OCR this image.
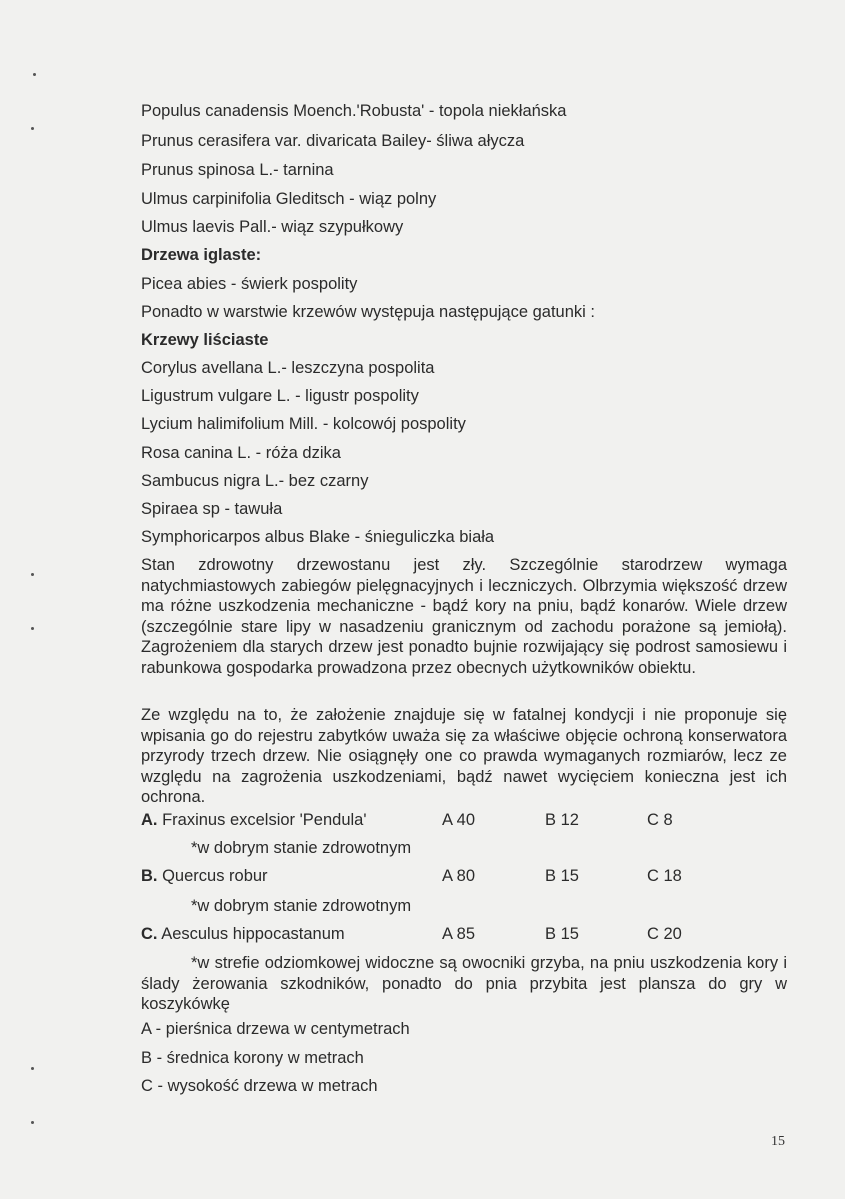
Populus canadensis Moench.'Robusta' - topola niekłańska
Prunus cerasifera var. divaricata Bailey- śliwa ałycza
Prunus spinosa L.- tarnina
Ulmus carpinifolia Gleditsch - wiąz polny
Ulmus laevis Pall.- wiąz szypułkowy
Drzewa iglaste:
Picea abies - świerk pospolity
Ponadto w warstwie krzewów występuja następujące gatunki :
Krzewy liściaste
Corylus avellana L.- leszczyna pospolita
Ligustrum vulgare L. - ligustr pospolity
Lycium halimifolium Mill. - kolcowój pospolity
Rosa canina L. - róża dzika
Sambucus nigra L.- bez czarny
Spiraea sp - tawuła
Symphoricarpos albus Blake - śnieguliczka biała
Stan zdrowotny drzewostanu jest zły. Szczególnie starodrzew wymaga natychmiastowych zabiegów pielęgnacyjnych i leczniczych. Olbrzymia większość drzew ma różne uszkodzenia mechaniczne - bądź kory na pniu, bądź konarów. Wiele drzew (szczególnie stare lipy w nasadzeniu granicznym od zachodu porażone są jemiołą). Zagrożeniem dla starych drzew jest ponadto bujnie rozwijający się podrost samosiewu i rabunkowa gospodarka prowadzona przez obecnych użytkowników obiektu.
Ze względu na to, że założenie znajduje się w fatalnej kondycji i nie proponuje się wpisania go do rejestru zabytków uważa się za właściwe objęcie ochroną konserwatora przyrody trzech drzew. Nie osiągnęły one co prawda wymaganych rozmiarów, lecz ze względu na zagrożenia uszkodzeniami, bądź nawet wycięciem konieczna jest ich ochrona.
A. Fraxinus excelsior 'Pendula'	A 40	B 12	C 8
*w dobrym stanie zdrowotnym
B. Quercus robur	A 80	B 15	C 18
*w dobrym stanie zdrowotnym
C. Aesculus hippocastanum	A 85	B 15	C 20
*w strefie odziomkowej widoczne są owocniki grzyba, na pniu uszkodzenia kory i ślady żerowania szkodników, ponadto do pnia przybita jest plansza do gry w koszykówkę
A - pierśnica drzewa w centymetrach
B - średnica korony w metrach
C - wysokość drzewa w metrach
15
